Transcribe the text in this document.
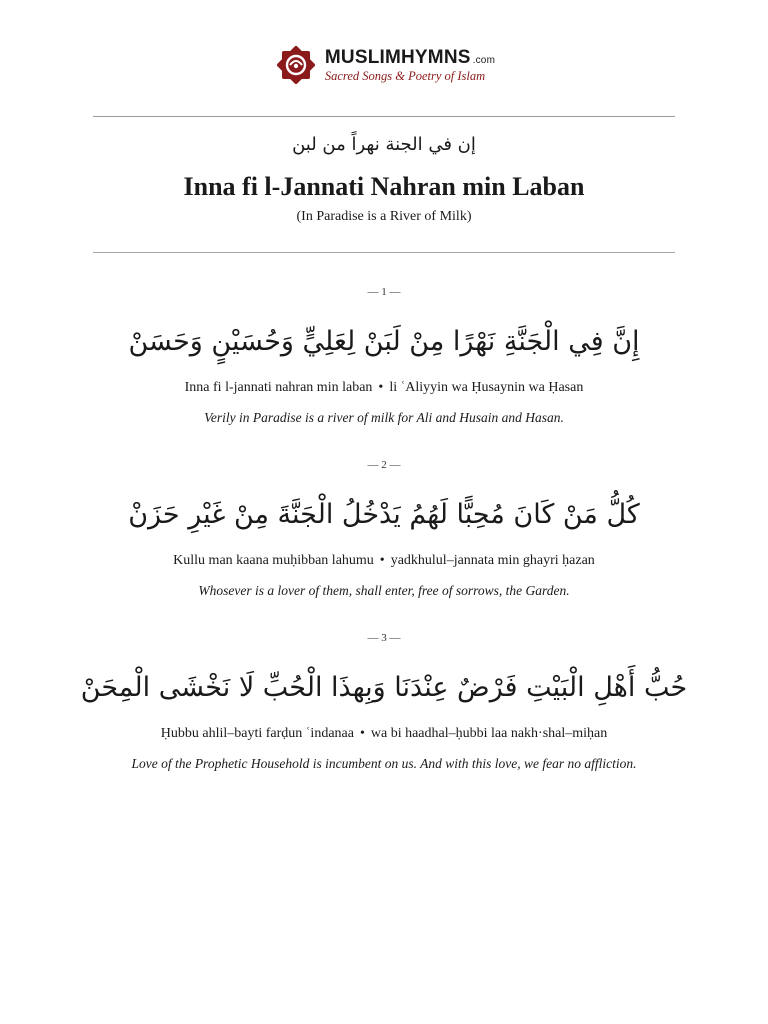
MUSLIMHYMNS .com
Sacred Songs & Poetry of Islam
إن في الجنة نهراً من لبن
Inna fi l-Jannati Nahran min Laban
(In Paradise is a River of Milk)
— 1 —
إِنَّ فِي الْجَنَّةِ نَهْرًا مِنْ لَبَنْ لِعَلِيٍّ وَحُسَيْنٍ وَحَسَنْ
Inna fi l-jannati nahran min laban • li ʿAliyyin wa Ḥusaynin wa Ḥasan
Verily in Paradise is a river of milk for Ali and Husain and Hasan.
— 2 —
كُلُّ مَنْ كَانَ مُحِبًّا لَهُمُ يَدْخُلُ الْجَنَّةَ مِنْ غَيْرِ حَزَنْ
Kullu man kaana muḥibban lahumu • yadkhulul–jannata min ghayri ḥazan
Whosever is a lover of them, shall enter, free of sorrows, the Garden.
— 3 —
حُبُّ أَهْلِ الْبَيْتِ فَرْضٌ عِنْدَنَا وَبِهذَا الْحُبِّ لَا نَخْشَى الْمِحَنْ
Ḥubbu ahlil–bayti farḍun ʿindanaa • wa bi haadhal–ḥubbi laa nakh·shal–miḥan
Love of the Prophetic Household is incumbent on us. And with this love, we fear no affliction.
